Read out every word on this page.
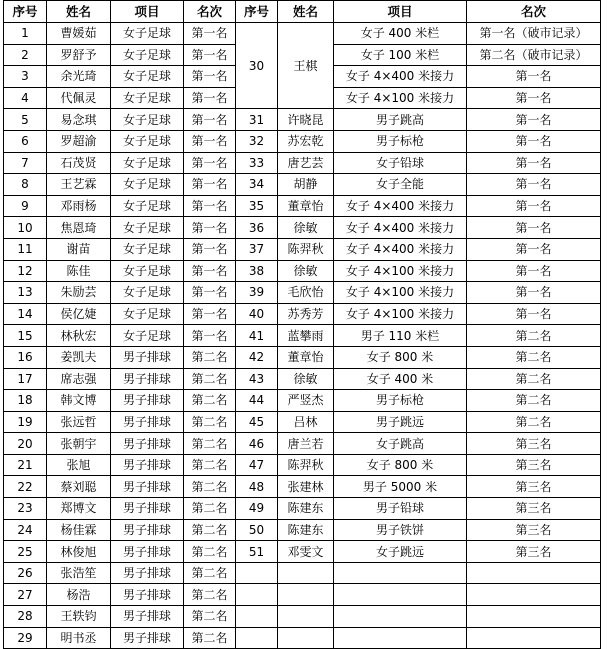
序号	姓名	项目	名次	序号	姓名	项目	名次
1	曹媛茹	女子足球	第一名	30	王棋	女子 400 米栏	第一名（破市记录）
2	罗舒予	女子足球	第一名			女子 100 米栏	第二名（破市记录）
3	余光琦	女子足球	第一名			女子 4×400 米接力	第一名
4	代佩灵	女子足球	第一名			女子 4×100 米接力	第一名
5	易念琪	女子足球	第一名	31	许晓昆	男子跳高	第一名
6	罗超渝	女子足球	第一名	32	苏宏乾	男子标枪	第一名
7	石茂贤	女子足球	第一名	33	唐艺芸	女子铅球	第一名
8	王艺霖	女子足球	第一名	34	胡静	女子全能	第一名
9	邓雨杨	女子足球	第一名	35	董章怡	女子 4×400 米接力	第一名
10	焦恩琦	女子足球	第一名	36	徐敏	女子 4×400 米接力	第一名
11	谢苗	女子足球	第一名	37	陈羿秋	女子 4×400 米接力	第一名
12	陈佳	女子足球	第一名	38	徐敏	女子 4×100 米接力	第一名
13	朱励芸	女子足球	第一名	39	毛欣怡	女子 4×100 米接力	第一名
14	侯亿婕	女子足球	第一名	40	苏秀芳	女子 4×100 米接力	第一名
15	林秋宏	女子足球	第一名	41	蓝攀雨	男子 110 米栏	第二名
16	姜凯夫	男子排球	第二名	42	董章怡	女子 800 米	第二名
17	席志强	男子排球	第二名	43	徐敏	女子 400 米	第二名
18	韩文博	男子排球	第二名	44	严竖杰	男子标枪	第二名
19	张远哲	男子排球	第二名	45	吕林	男子跳远	第二名
20	张朝宇	男子排球	第二名	46	唐兰若	女子跳高	第三名
21	张旭	男子排球	第二名	47	陈羿秋	女子 800 米	第三名
22	蔡刘聪	男子排球	第二名	48	张建林	男子 5000 米	第三名
23	郑博文	男子排球	第二名	49	陈建东	男子铅球	第三名
24	杨佳霖	男子排球	第二名	50	陈建东	男子铁饼	第三名
25	林俊旭	男子排球	第二名	51	邓雯文	女子跳远	第三名
26	张浩笙	男子排球	第二名				
27	杨浩	男子排球	第二名				
28	王轶钧	男子排球	第二名				
29	明书丞	男子排球	第二名				
